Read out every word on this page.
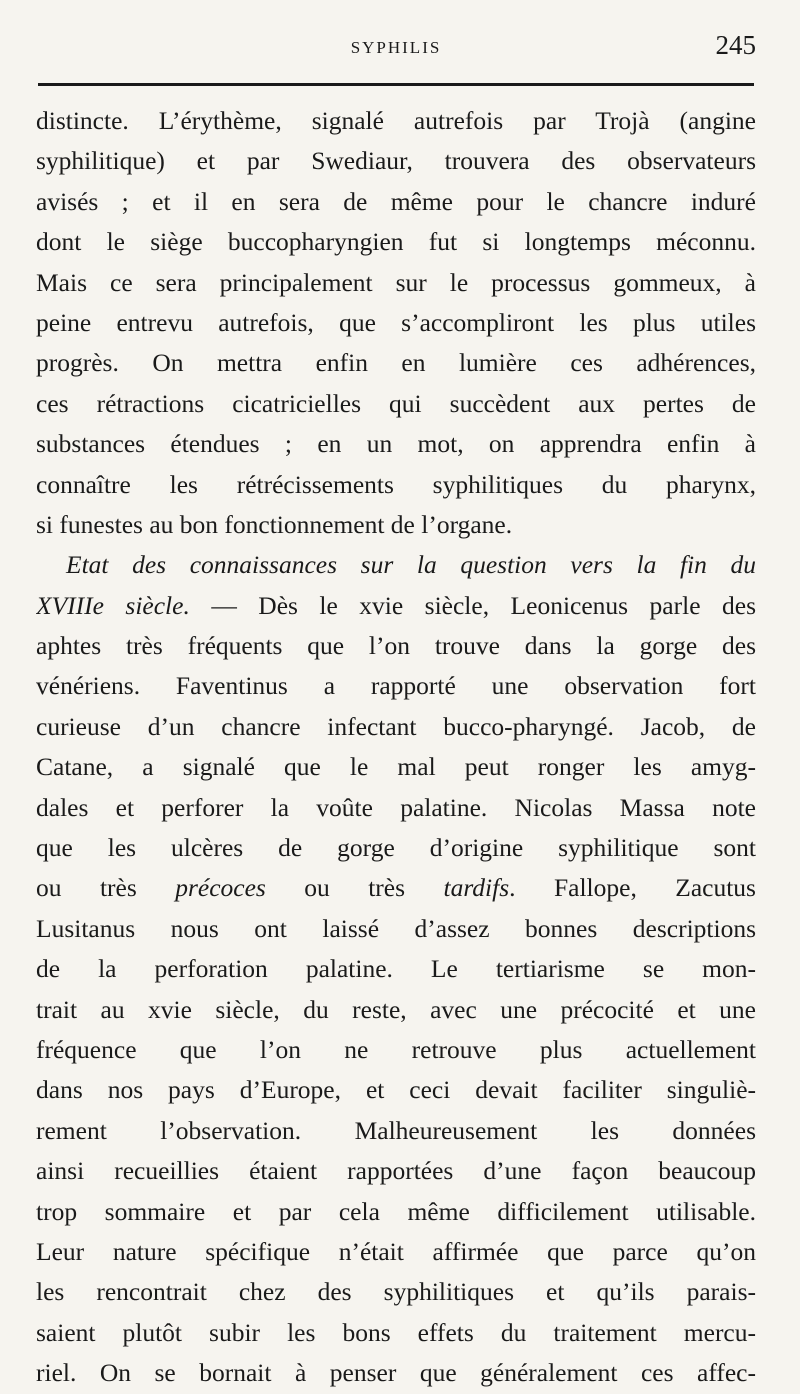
SYPHILIS	245
distincte. L’érythème, signalé autrefois par Trojà (angine
syphilitique) et par Swediaur, trouvera des observateurs
avisés ; et il en sera de même pour le chancre induré
dont le siège buccopharyngien fut si longtemps méconnu.
Mais ce sera principalement sur le processus gommeux, à
peine entrevu autrefois, que s’accompliront les plus utiles
progrès. On mettra enfin en lumière ces adhérences,
ces rétractions cicatricielles qui succèdent aux pertes de
substances étendues ; en un mot, on apprendra enfin à
connaître les rétrécissements syphilitiques du pharynx,
si funestes au bon fonctionnement de l’organe.
Etat des connaissances sur la question vers la fin du
XVIIIe siècle. — Dès le xvie siècle, Leonicenus parle des
aphtes très fréquents que l’on trouve dans la gorge des
vénériens. Faventinus a rapporté une observation fort
curieuse d’un chancre infectant bucco-pharyngé. Jacob, de
Catane, a signalé que le mal peut ronger les amyg-
dales et perforer la voûte palatine. Nicolas Massa note
que les ulcères de gorge d’origine syphilitique sont
ou très précoces ou très tardifs. Fallope, Zacutus
Lusitanus nous ont laissé d’assez bonnes descriptions
de la perforation palatine. Le tertiarisme se mon-
trait au xvie siècle, du reste, avec une précocité et une
fréquence que l’on ne retrouve plus actuellement
dans nos pays d’Europe, et ceci devait faciliter singuliè-
rement l’observation. Malheureusement les données
ainsi recueillies étaient rapportées d’une façon beaucoup
trop sommaire et par cela même difficilement utilisable.
Leur nature spécifique n’était affirmée que parce qu’on
les rencontrait chez des syphilitiques et qu’ils parais-
saient plutôt subir les bons effets du traitement mercu-
riel. On se bornait à penser que généralement ces affec-
